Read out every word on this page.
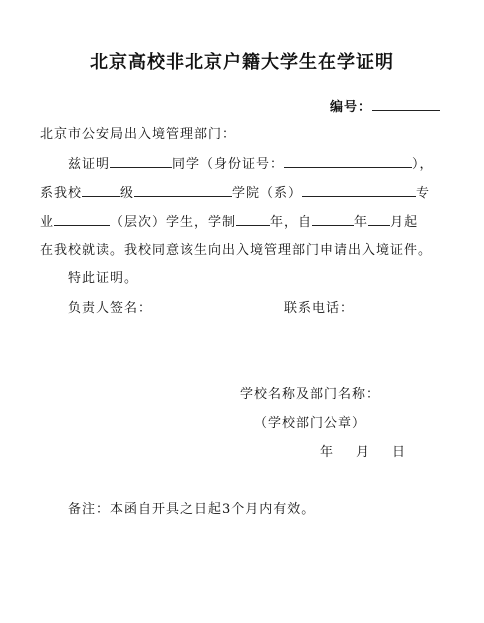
北京高校非北京户籍大学生在学证明
编号：
北京市公安局出入境管理部门：
兹证明	同学（身份证号：	），
系我校	级	学院（系）	专
业	（层次）学生，学制	年，自	年 月起
在我校就读。我校同意该生向出入境管理部门申请出入境证件。
特此证明。
负责人签名：	联系电话：
学校名称及部门名称：
（学校部门公章）
年 月 日
备注：本函自开具之日起3个月内有效。
